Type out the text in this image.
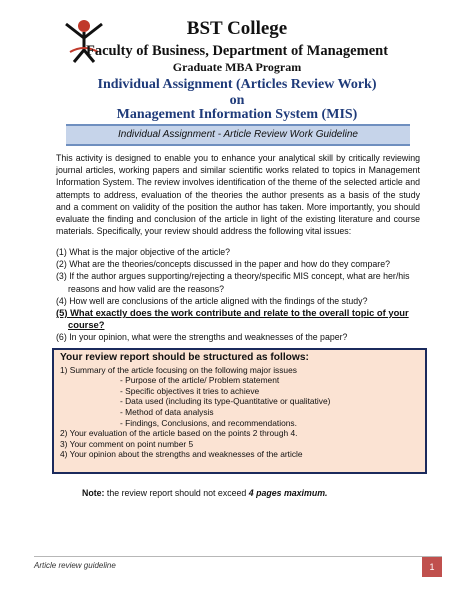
BST College
Faculty of Business, Department of Management
Graduate MBA Program
Individual Assignment (Articles Review Work)
on
Management Information System (MIS)
Individual Assignment - Article Review Work Guideline
This activity is designed to enable you to enhance your analytical skill by critically reviewing journal articles, working papers and similar scientific works related to topics in Management Information System. The review involves identification of the theme of the selected article and attempts to address, evaluation of the theories the author presents as a basis of the study and a comment on validity of the position the author has taken. More importantly, you should evaluate the finding and conclusion of the article in light of the existing literature and course materials. Specifically, your review should address the following vital issues:
(1) What is the major objective of the article?
(2) What are the theories/concepts discussed in the paper and how do they compare?
(3) If the author argues supporting/rejecting a theory/specific MIS concept, what are her/his reasons and how valid are the reasons?
(4) How well are conclusions of the article aligned with the findings of the study?
(5) What exactly does the work contribute and relate to the overall topic of your course?
(6) In your opinion, what were the strengths and weaknesses of the paper?
Your review report should be structured as follows:
1) Summary of the article focusing on the following major issues
- Purpose of the article/ Problem statement
- Specific objectives it tries to achieve
- Data used (including its type-Quantitative or qualitative)
- Method of data analysis
- Findings, Conclusions, and recommendations.
2) Your evaluation of the article based on the points 2 through 4.
3) Your comment on point number 5
4) Your opinion about the strengths and weaknesses of the article
Note: the review report should not exceed 4 pages maximum.
Article review guideline	1
